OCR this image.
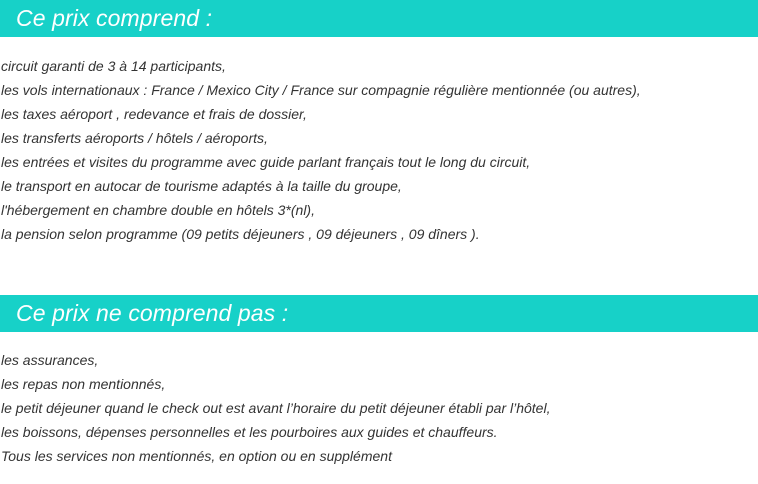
Ce prix comprend :
circuit garanti de 3 à 14 participants,
les vols internationaux : France / Mexico City / France sur compagnie régulière mentionnée (ou autres),
les taxes aéroport , redevance et frais de dossier,
les transferts aéroports / hôtels / aéroports,
les entrées et visites du programme avec guide parlant français tout le long du circuit,
le transport en autocar de tourisme adaptés à la taille du groupe,
l'hébergement en chambre double en hôtels 3*(nl),
la pension selon programme (09 petits déjeuners , 09 déjeuners , 09 dîners ).
Ce prix ne comprend pas :
les assurances,
les repas non mentionnés,
le petit déjeuner quand le check out est avant l’horaire du petit déjeuner établi par l’hôtel,
les boissons, dépenses personnelles et les pourboires aux guides et chauffeurs.
Tous les services non mentionnés, en option ou en supplément
